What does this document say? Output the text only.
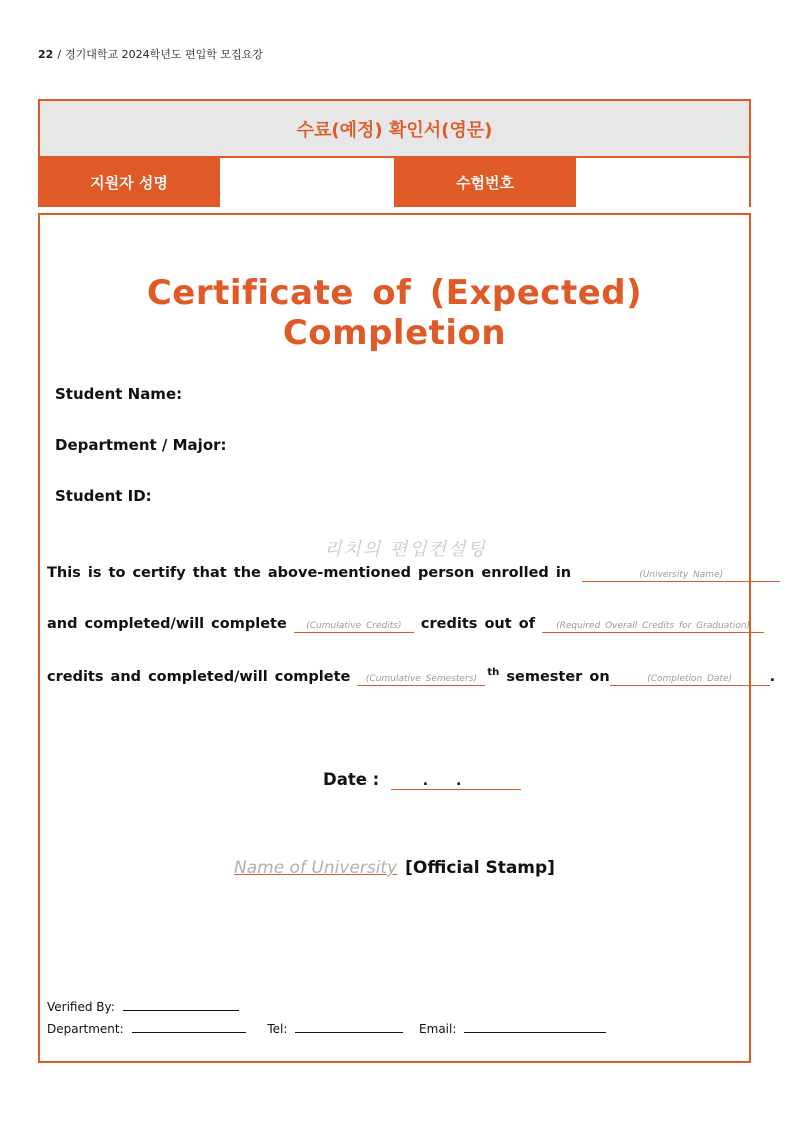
22 / 경기대학교 2024학년도 편입학 모집요강
수료(예정) 확인서(영문)
지원자 성명	수험번호
Certificate of (Expected) Completion
Student Name:
Department / Major:
Student ID:
리치의 편입컨설팅
This is to certify that the above-mentioned person enrolled in	(University Name)
and completed/will complete (Cumulative Credits) credits out of (Required Overall Credits for Graduation)
credits and completed/will complete (Cumulative Semesters)$^{th}$ semester on	(Completion Date)	.
Date :	..
Name of University [Official Stamp]
Verified By:
Department:	Tel:	Email:
